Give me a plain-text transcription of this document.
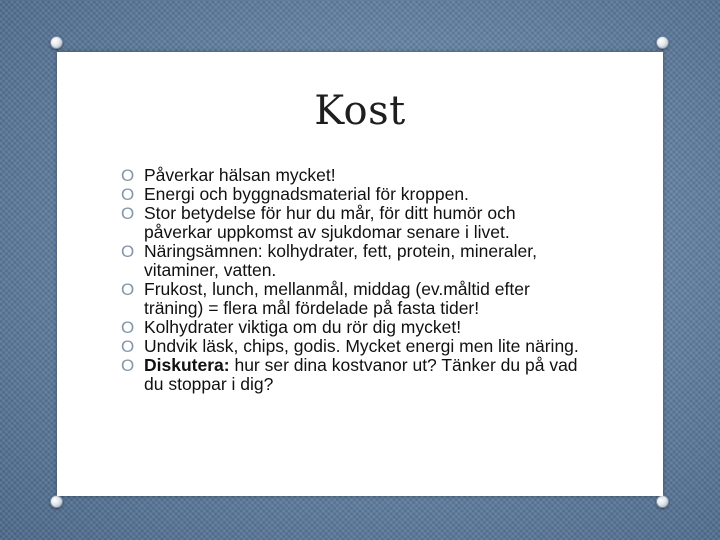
Kost
O Påverkar hälsan mycket!
O Energi och byggnadsmaterial för kroppen.
O Stor betydelse för hur du mår, för ditt humör och påverkar uppkomst av sjukdomar senare i livet.
O Näringsämnen: kolhydrater, fett, protein, mineraler, vitaminer, vatten.
O Frukost, lunch, mellanmål, middag (ev.måltid efter träning) = flera mål fördelade på fasta tider!
O Kolhydrater viktiga om du rör dig mycket!
O Undvik läsk, chips, godis. Mycket energi men lite näring.
O Diskutera: hur ser dina kostvanor ut? Tänker du på vad du stoppar i dig?
